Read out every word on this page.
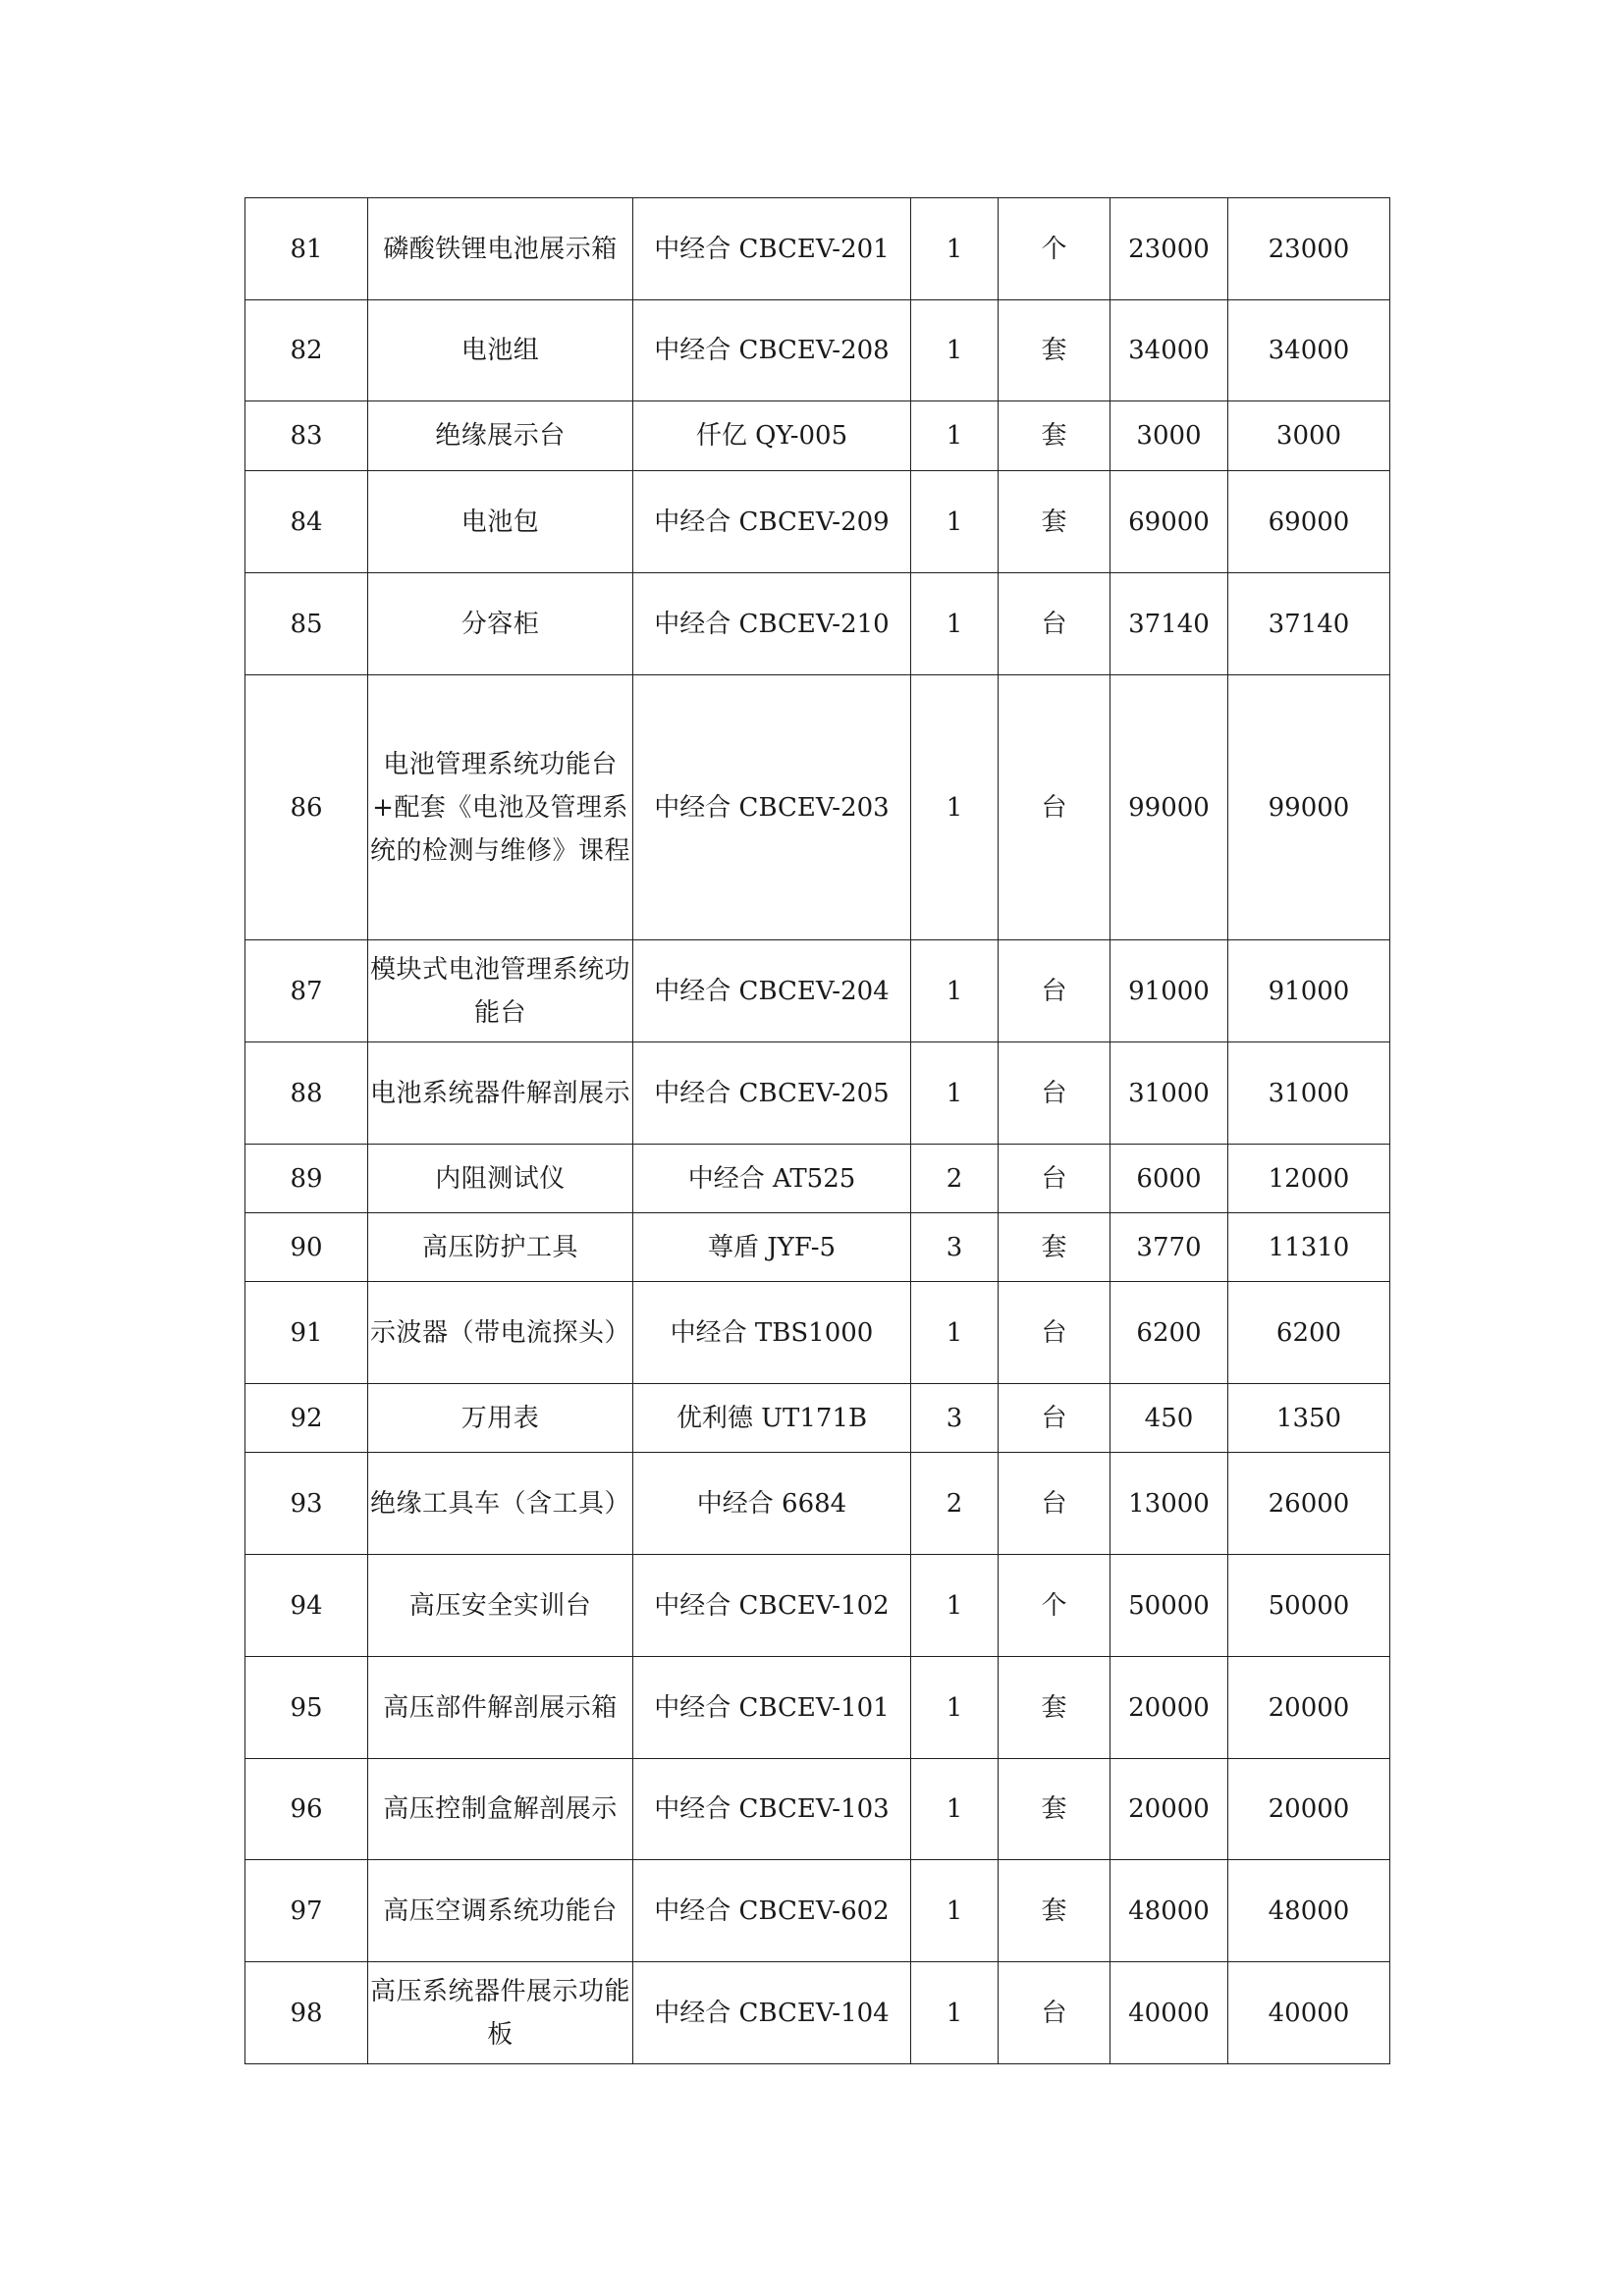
81	磷酸铁锂电池展示箱	中经合 CBCEV-201	1	个	23000	23000
82	电池组	中经合 CBCEV-208	1	套	34000	34000
83	绝缘展示台	仟亿 QY-005	1	套	3000	3000
84	电池包	中经合 CBCEV-209	1	套	69000	69000
85	分容柜	中经合 CBCEV-210	1	台	37140	37140
86	电池管理系统功能台+配套《电池及管理系统的检测与维修》课程	中经合 CBCEV-203	1	台	99000	99000
87	模块式电池管理系统功能台	中经合 CBCEV-204	1	台	91000	91000
88	电池系统器件解剖展示	中经合 CBCEV-205	1	台	31000	31000
89	内阻测试仪	中经合 AT525	2	台	6000	12000
90	高压防护工具	尊盾 JYF-5	3	套	3770	11310
91	示波器（带电流探头）	中经合 TBS1000	1	台	6200	6200
92	万用表	优利德 UT171B	3	台	450	1350
93	绝缘工具车（含工具）	中经合 6684	2	台	13000	26000
94	高压安全实训台	中经合 CBCEV-102	1	个	50000	50000
95	高压部件解剖展示箱	中经合 CBCEV-101	1	套	20000	20000
96	高压控制盒解剖展示	中经合 CBCEV-103	1	套	20000	20000
97	高压空调系统功能台	中经合 CBCEV-602	1	套	48000	48000
98	高压系统器件展示功能板	中经合 CBCEV-104	1	台	40000	40000
